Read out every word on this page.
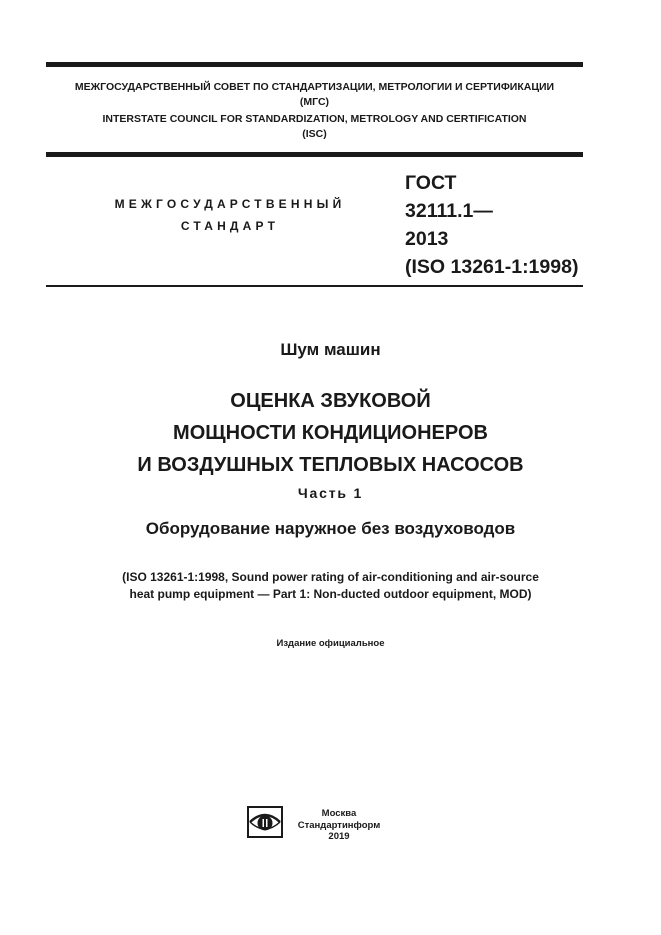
МЕЖГОСУДАРСТВЕННЫЙ СОВЕТ ПО СТАНДАРТИЗАЦИИ, МЕТРОЛОГИИ И СЕРТИФИКАЦИИ
(МГС)
INTERSTATE COUNCIL FOR STANDARDIZATION, METROLOGY AND CERTIFICATION
(ISC)
МЕЖГОСУДАРСТВЕННЫЙ
СТАНДАРТ
ГОСТ
32111.1—
2013
(ISO 13261-1:1998)
Шум машин
ОЦЕНКА ЗВУКОВОЙ
МОЩНОСТИ КОНДИЦИОНЕРОВ
И ВОЗДУШНЫХ ТЕПЛОВЫХ НАСОСОВ
Часть 1
Оборудование наружное без воздуховодов
(ISO 13261-1:1998, Sound power rating of air-conditioning and air-source
heat pump equipment — Part 1: Non-ducted outdoor equipment, MOD)
Издание официальное
Москва
Стандартинформ
2019
